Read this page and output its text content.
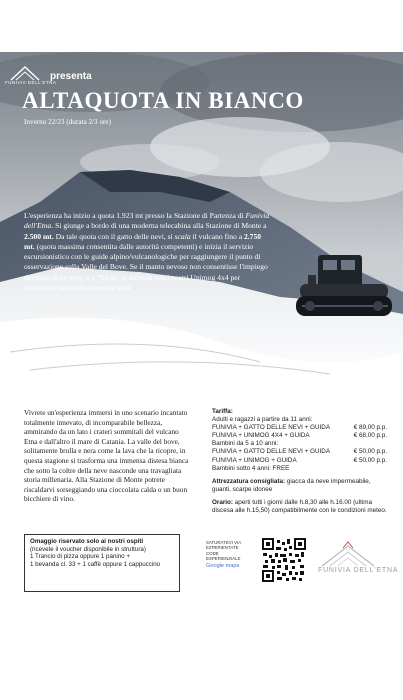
FUNIVIA DELL'ETNA
presenta
ALTAQUOTA IN BIANCO
Inverno 22/23 (durata 2/3 ore)

L'esperienza ha inizio a quota 1.923 mt presso la Stazione di Partenza di Funivia dell'Etna. Si giunge a bordo di una moderna telecabina alla Stazione di Monte a 2.500 mt. Da tale quota con il gatto delle nevi, si scala il vulcano fino a 2.750 mt. (quota massima consentita dalle autorità competenti) e inizia il servizio escursionistico con le guide alpino/vulcanologiche per raggiungere il punto di osservazione sulla Valle del Bove. Se il manto nevoso non consentisse l'impiego del gatto delle nevi, a 2.750 mt. si arriverà con i nostri Unimog 4x4 per l'occasione dotati di catene da neve.

Vivrete un'esperienza immersi in uno scenario incantato totalmente innevato, di incomparabile bellezza, ammirando da un lato i crateri sommitali del vulcano Etna e dall'altro il mare di Catania. La valle del bove, solitamente brulla e nera come la lava che la ricopre, in questa stagione si trasforma una immensa distesa bianca che sotto la coltre della neve nasconde una travagliata storia millenaria. Alla Stazione di Monte potrete riscaldarvi sorseggiando una cioccolata calda o un buon bicchiere di vino.

Tariffa:
Adulti e ragazzi a partire da 11 anni:
FUNIVIA + GATTO DELLE NEVI + GUIDA	€ 89,00 p.p.
FUNIVIA + UNIMOG 4X4 + GUIDA	€ 68,00 p.p.
Bambini da 5 a 10 anni:
FUNIVIA + GATTO DELLE NEVI + GUIDA	€ 50,00 p.p.
FUNIVIA + UNIMOG + GUIDA	€ 50,00 p.p.
Bambini sotto 4 anni: FREE
Attrezzatura consigliata: giacca da neve impermeabile, guanti, scarpe idonee
Orario: aperti tutti i giorni dalle h.8,30 alle h.16.00 (ultima discesa alle h.15,50) compatibilmente con le condizioni meteo.
Omaggio riservato solo ai nostri ospiti
(ricevete il voucher disponibile in struttura)
1 Trancio di pizza oppure 1 panino +
1 bevanda cl. 33 + 1 caffè oppure 1 cappuccino
SATURATEVI VIA EZPERIENTATE CODE ESPERIENZIALE
Google maps
FUNIVIA DELL'ETNA
